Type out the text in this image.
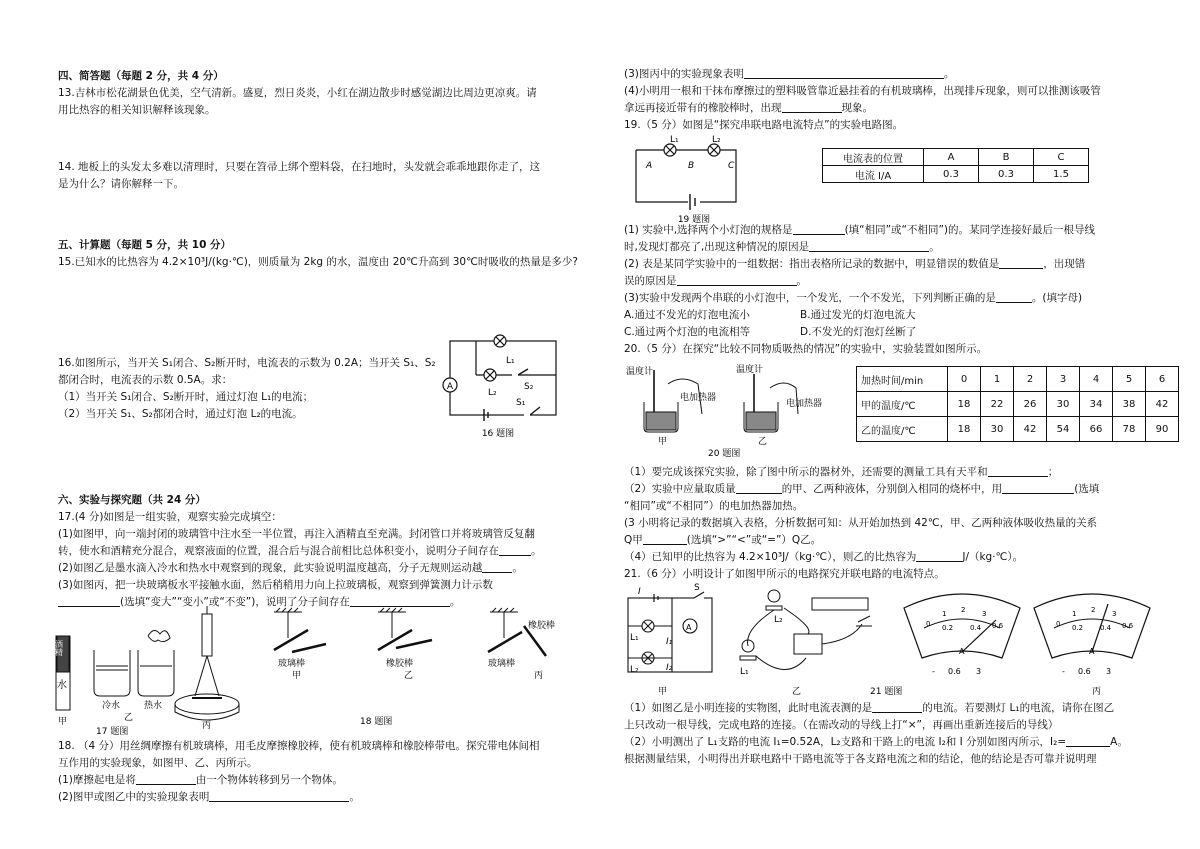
四、简答题（每题 2 分，共 4 分）
13.吉林市松花湖景色优美，空气清新。盛夏，烈日炎炎，小红在湖边散步时感觉湖边比周边更凉爽。请
用比热容的相关知识解释该现象。
14. 地板上的头发太多难以清理时，只要在笤帚上绑个塑料袋，在扫地时，头发就会乖乖地跟你走了，这
是为什么？请你解释一下。
五、计算题（每题 5 分，共 10 分）
15.已知水的比热容为 4.2×10³J/(kg·℃)，则质量为 2kg 的水，温度由 20℃升高到 30℃时吸收的热量是多少?
16.如图所示，当开关 S₁闭合、S₂断开时，电流表的示数为 0.2A；当开关 S₁、S₂
都闭合时，电流表的示数 0.5A。求：
（1）当开关 S₁闭合、S₂断开时，通过灯泡 L₁的电流；
（2）当开关 S₁、S₂都闭合时，通过灯泡 L₂的电流。
A
L₁
L₂
S₂
S₁
16 题图
六、实验与探究题（共 24 分）
17.(4 分)如图是一组实验，观察实验完成填空：
(1)如图甲，向一端封闭的玻璃管中注水至一半位置，再注入酒精直至充满。封闭管口并将玻璃管反复翻
转，使水和酒精充分混合，观察液面的位置，混合后与混合前相比总体积变小，说明分子间存在	。
(2)如图乙是墨水滴入冷水和热水中观察到的现象，此实验说明温度越高，分子无规则运动越	。
(3)如图丙，把一块玻璃板水平接触水面，然后稍稍用力向上拉玻璃板，观察到弹簧测力计示数
(选填“变大”“变小”或“不变”)，说明了分子间存在	。
酒精
水
冷水	热水
甲	乙
丙
17 题图
玻璃棒
甲
橡胶棒
乙
玻璃棒
橡胶棒
丙
18 题图
18. （4 分）用丝绸摩擦有机玻璃棒，用毛皮摩擦橡胶棒，使有机玻璃棒和橡胶棒带电。探究带电体间相
互作用的实验现象，如图甲、乙、丙所示。
(1)摩擦起电是将	由一个物体转移到另一个物体。
(2)图甲或图乙中的实验现象表明	。
(3)图丙中的实验现象表明	。
(4)小明用一根和干抹布摩擦过的塑料吸管靠近悬挂着的有机玻璃棒，出现排斥现象，则可以推测该吸管
拿远再接近带有的橡胶棒时，出现	现象。
19.（5 分）如图是“探究串联电路电流特点”的实验电路图。
L₁	L₂
A	B	C
19 题图
电流表的位置	A	B	C
电流 I/A	0.3	0.3	1.5
(1) 实验中,选择两个小灯泡的规格是	(填“相同”或“不相同”)的。某同学连接好最后一根导线
时,发现灯都亮了,出现这种情况的原因是	。
(2) 表是某同学实验中的一组数据：指出表格所记录的数据中，明显错误的数值是	，出现错
误的原因是	。
(3)实验中发现两个串联的小灯泡中，一个发光，一个不发光，下列判断正确的是	。(填字母)
A.通过不发光的灯泡电流小	B.通过发光的灯泡电流大
C.通过两个灯泡的电流相等	D.不发光的灯泡灯丝断了
20.（5 分）在探究“比较不同物质吸热的情况”的实验中，实验装置如图所示。
温度计	温度计
电加热器
电加热器
甲	乙
20 题图
加热时间/min	0	1	2	3	4	5	6
甲的温度/℃	18	22	26	30	34	38	42
乙的温度/℃	18	30	42	54	66	78	90
（1）要完成该探究实验，除了图中所示的器材外，还需要的测量工具有天平和	；
（2）实验中应量取质量	的甲、乙两种液体，分别倒入相同的烧杯中，用	(选填
“相同”或“不相同”）的电加热器加热。
(3 小明将记录的数据填入表格，分析数据可知：从开始加热到 42℃，甲、乙两种液体吸收热量的关系
Q甲	(选填“>”“<”或“=”）Q乙。
（4）已知甲的比热容为 4.2×10³J/（kg·℃），则乙的比热容为	J/（kg·℃）。
21.（6 分）小明设计了如图甲所示的电路探究并联电路的电流特点。
I	S
A
I₁
I₂
L₁
L₂
甲
L₂
L₁
乙	21 题图
0 0.2 0.4 0.6
1 2 3
A
- 0.6 3
0 0.2 0.4 0.6
1 2 3
A
- 0.6 3
丙
（1）如图乙是小明连接的实物图，此时电流表测的是	的电流。若要测灯 L₁的电流，请你在图乙
上只改动一根导线，完成电路的连接。（在需改动的导线上打“×”，再画出重新连接后的导线）
（2）小明测出了 L₁支路的电流 I₁=0.52A，L₂支路和干路上的电流 I₂和 I 分别如图丙所示，I₂=	A。
根据测量结果，小明得出并联电路中干路电流等于各支路电流之和的结论，他的结论是否可靠并说明理
